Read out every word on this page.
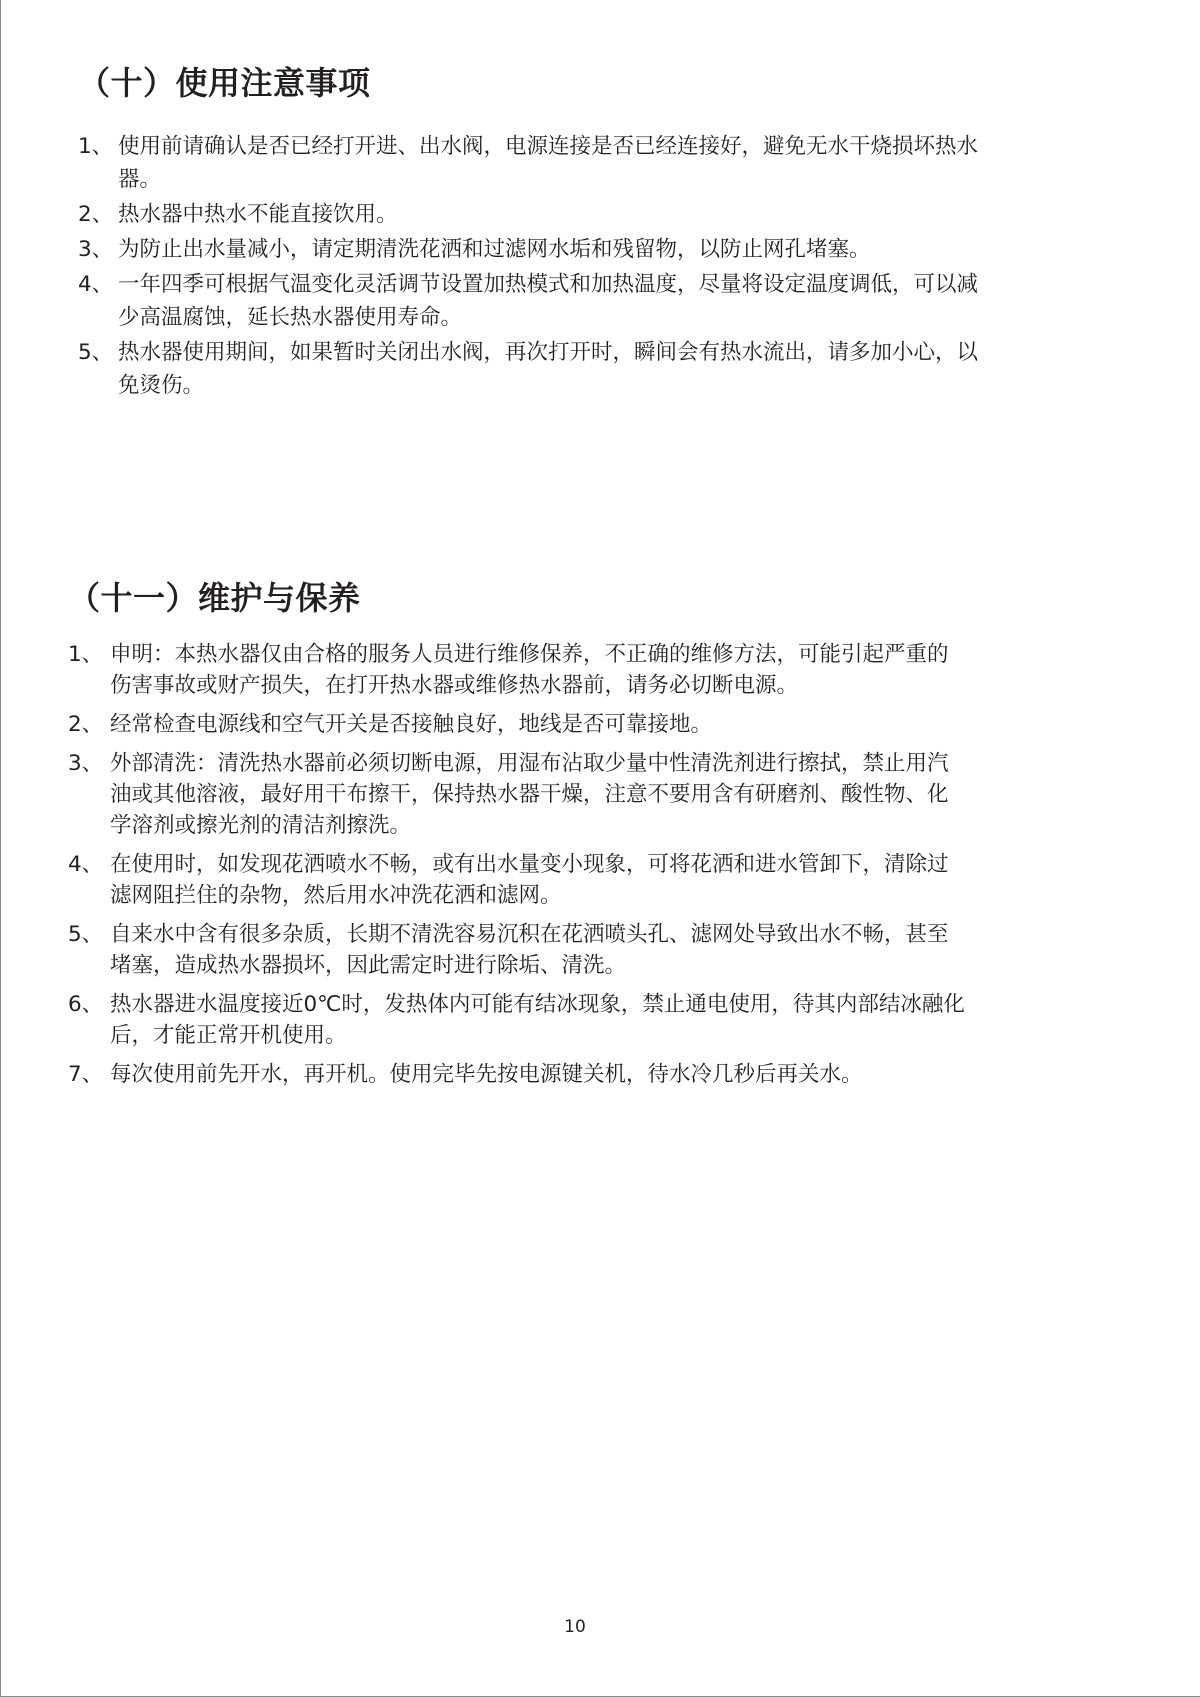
（十）使用注意事项
1、 使用前请确认是否已经打开进、出水阀，电源连接是否已经连接好，避免无水干烧损坏热水器。
2、 热水器中热水不能直接饮用。
3、 为防止出水量减小，请定期清洗花洒和过滤网水垢和残留物，以防止网孔堵塞。
4、 一年四季可根据气温变化灵活调节设置加热模式和加热温度，尽量将设定温度调低，可以减少高温腐蚀，延长热水器使用寿命。
5、 热水器使用期间，如果暂时关闭出水阀，再次打开时，瞬间会有热水流出，请多加小心，以免烫伤。
（十一）维护与保养
1、 申明：本热水器仅由合格的服务人员进行维修保养，不正确的维修方法，可能引起严重的伤害事故或财产损失，在打开热水器或维修热水器前，请务必切断电源。
2、 经常检查电源线和空气开关是否接触良好，地线是否可靠接地。
3、 外部清洗：清洗热水器前必须切断电源，用湿布沾取少量中性清洗剂进行擦拭，禁止用汽油或其他溶液，最好用干布擦干，保持热水器干燥，注意不要用含有研磨剂、酸性物、化学溶剂或擦光剂的清洁剂擦洗。
4、 在使用时，如发现花洒喷水不畅，或有出水量变小现象，可将花洒和进水管卸下，清除过滤网阻拦住的杂物，然后用水冲洗花洒和滤网。
5、 自来水中含有很多杂质，长期不清洗容易沉积在花洒喷头孔、滤网处导致出水不畅，甚至堵塞，造成热水器损坏，因此需定时进行除垢、清洗。
6、 热水器进水温度接近0℃时，发热体内可能有结冰现象，禁止通电使用，待其内部结冰融化后，才能正常开机使用。
7、 每次使用前先开水，再开机。使用完毕先按电源键关机，待水冷几秒后再关水。
10
